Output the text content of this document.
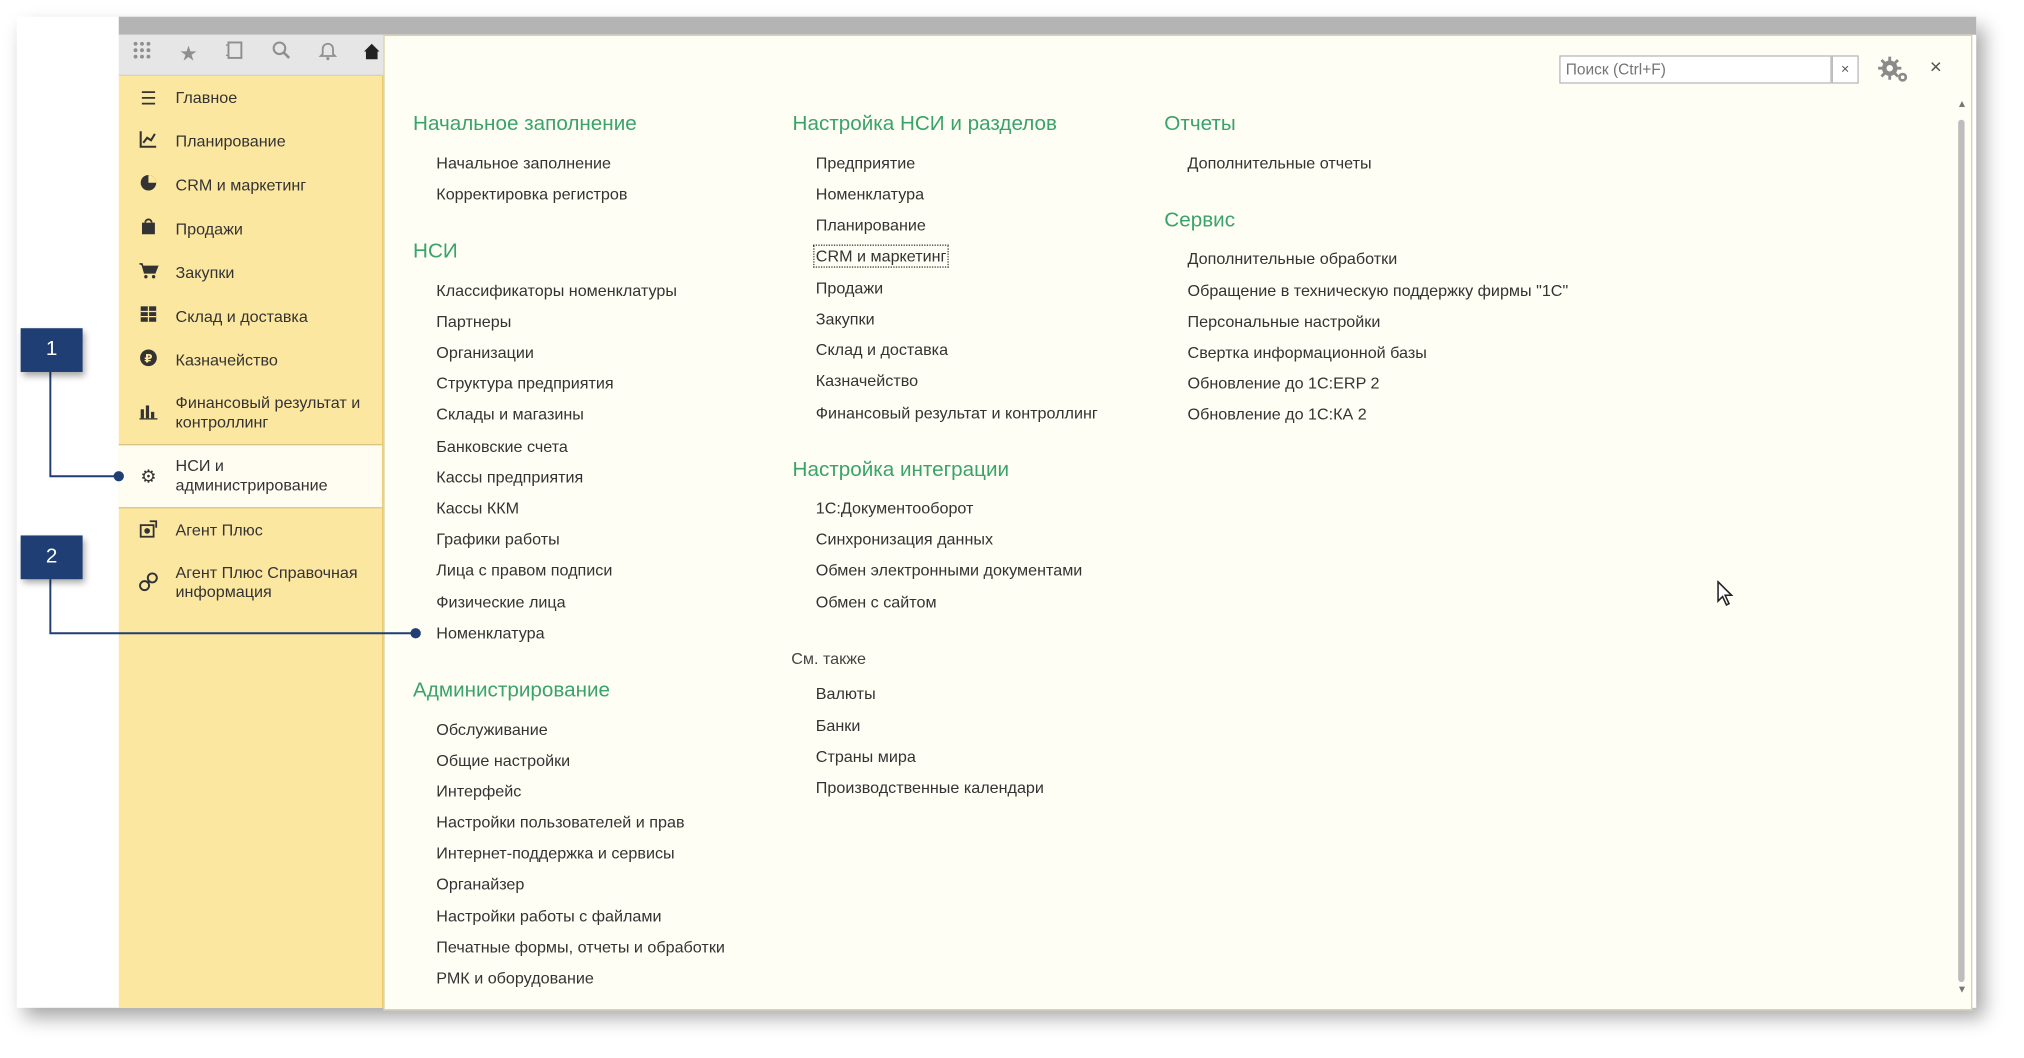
★
☰ Главное
Планирование
CRM и маркетинг
Продажи
Закупки
Склад и доставка
₽ Казначейство
Финансовый результат и контроллинг
⚙ НСИ и администрирование
Агент Плюс
Агент Плюс Справочная информация
Поиск (Ctrl+F)
×	×
Начальное заполнение
Начальное заполнение
Корректировка регистров
НСИ
Классификаторы номенклатуры
Партнеры
Организации
Структура предприятия
Склады и магазины
Банковские счета
Кассы предприятия
Кассы ККМ
Графики работы
Лица с правом подписи
Физические лица
Номенклатура
Администрирование
Обслуживание
Общие настройки
Интерфейс
Настройки пользователей и прав
Интернет-поддержка и сервисы
Органайзер
Настройки работы с файлами
Печатные формы, отчеты и обработки
РМК и оборудование
Настройка НСИ и разделов
Предприятие
Номенклатура
Планирование
CRM и маркетинг
Продажи
Закупки
Склад и доставка
Казначейство
Финансовый результат и контроллинг
Настройка интеграции
1С:Документооборот
Синхронизация данных
Обмен электронными документами
Обмен с сайтом
См. также
Валюты
Банки
Страны мира
Производственные календари
Отчеты
Дополнительные отчеты
Сервис
Дополнительные обработки
Обращение в техническую поддержку фирмы "1С"
Персональные настройки
Свертка информационной базы
Обновление до 1С:ERP 2
Обновление до 1С:КА 2
▲
▼
1
2
